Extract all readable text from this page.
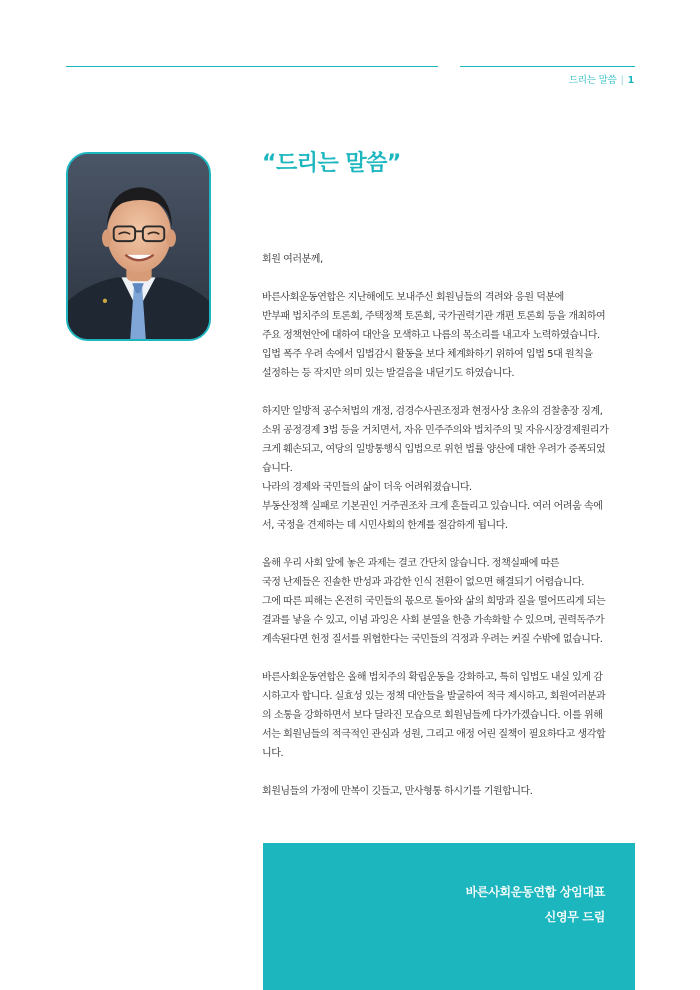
드리는 말씀 | 1
“드리는 말씀”
회원 여러분께,
바른사회운동연합은 지난해에도 보내주신 회원님들의 격려와 응원 덕분에
반부패 법치주의 토론회, 주택정책 토론회, 국가권력기관 개편 토론회 등을 개최하여
주요 정책현안에 대하여 대안을 모색하고 나름의 목소리를 내고자 노력하였습니다.
입법 폭주 우려 속에서 입법감시 활동을 보다 체계화하기 위하여 입법 5대 원칙을
설정하는 등 작지만 의미 있는 발걸음을 내딛기도 하였습니다.
하지만 일방적 공수처법의 개정, 검경수사권조정과 현정사상 초유의 검찰총장 징계,
소위 공정경제 3법 등을 거치면서, 자유 민주주의와 법치주의 및 자유시장경제원리가
크게 훼손되고, 여당의 일방통행식 입법으로 위헌 법률 양산에 대한 우려가 증폭되었
습니다.
나라의 경제와 국민들의 삶이 더욱 어려워졌습니다.
부동산정책 실패로 기본권인 거주권조차 크게 흔들리고 있습니다. 여러 어려움 속에
서, 국정을 견제하는 데 시민사회의 한계를 절감하게 됩니다.
올해 우리 사회 앞에 놓은 과제는 결코 간단치 않습니다. 정책실패에 따른
국정 난제들은 진솔한 반성과 과감한 인식 전환이 없으면 해결되기 어렵습니다.
그에 따른 피해는 온전히 국민들의 몫으로 돌아와 삶의 희망과 질을 떨어뜨리게 되는
결과를 낳을 수 있고, 이념 과잉은 사회 분열을 한층 가속화할 수 있으며, 권력독주가
계속된다면 헌정 질서를 위협한다는 국민들의 걱정과 우려는 커질 수밖에 없습니다.
바른사회운동연합은 올해 법치주의 확립운동을 강화하고, 특히 입법도 내실 있게 감
시하고자 합니다. 실효성 있는 정책 대안들을 발굴하여 적극 제시하고, 회원여러분과
의 소통을 강화하면서 보다 달라진 모습으로 회원님들께 다가가겠습니다. 이를 위해
서는 회원님들의 적극적인 관심과 성원, 그리고 애정 어린 질책이 필요하다고 생각합
니다.
회원님들의 가정에 만복이 깃들고, 만사형통 하시기를 기원합니다.
바른사회운동연합 상임대표
신영무 드림
